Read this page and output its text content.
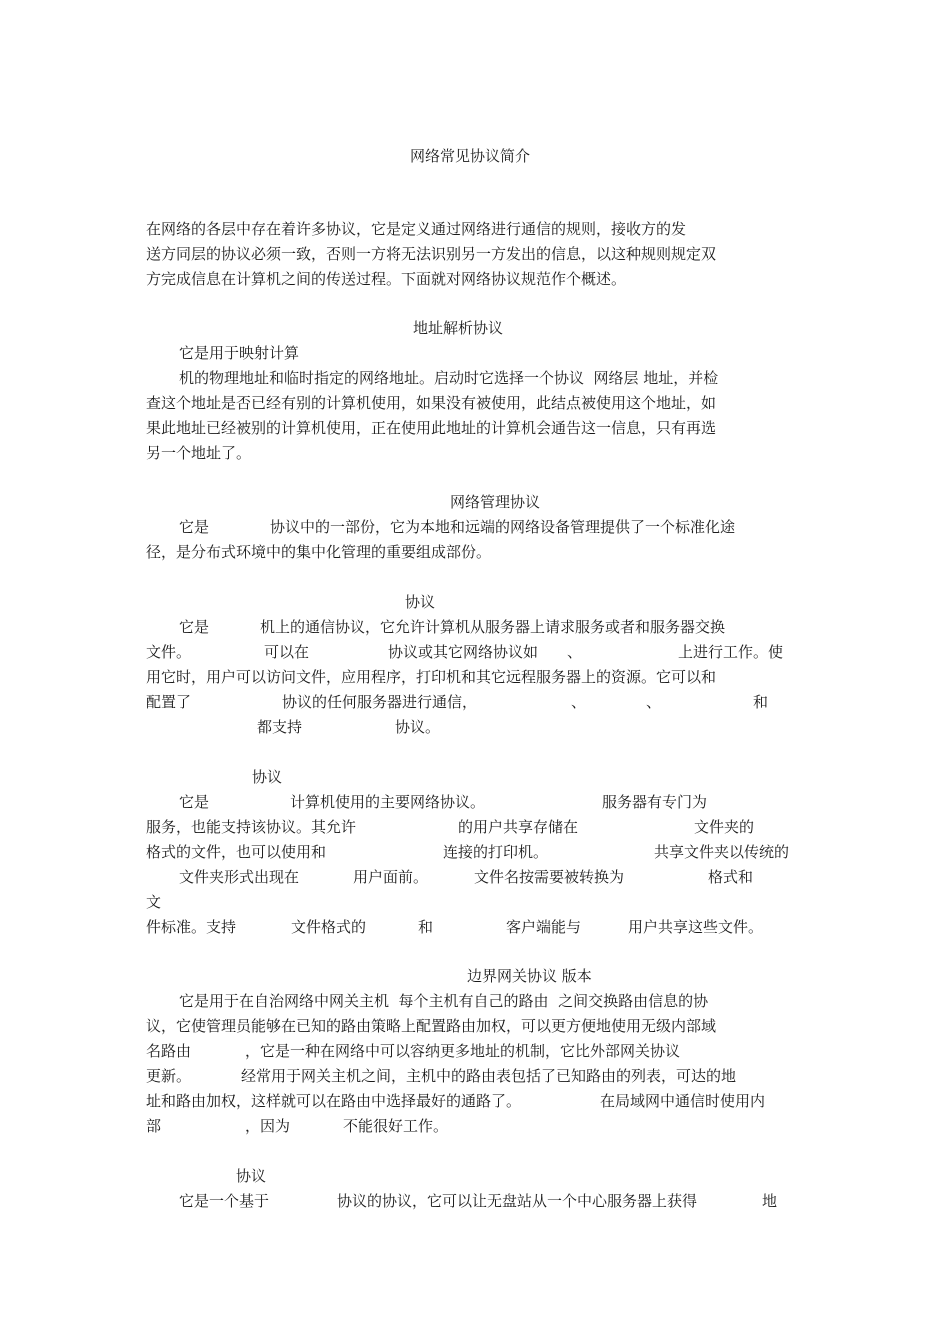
网络常见协议简介
在网络的各层中存在着许多协议，它是定义通过网络进行通信的规则，接收方的发
送方同层的协议必须一致，否则一方将无法识别另一方发出的信息，以这种规则规定双
方完成信息在计算机之间的传送过程。下面就对网络协议规范作个概述。
地址解析协议
它是用于映射计算
机的物理地址和临时指定的网络地址。启动时它选择一个协议  网络层 地址，并检
查这个地址是否已经有别的计算机使用，如果没有被使用，此结点被使用这个地址，如
果此地址已经被别的计算机使用，正在使用此地址的计算机会通告这一信息，只有再选
另一个地址了。
网络管理协议
它是	协议中的一部份，它为本地和远端的网络设备管理提供了一个标准化途
径，是分布式环境中的集中化管理的重要组成部份。
协议
它是	机上的通信协议，它允许计算机从服务器上请求服务或者和服务器交换
文件。	可以在	协议或其它网络协议如 、	上进行工作。使
用它时，用户可以访问文件，应用程序，打印机和其它远程服务器上的资源。它可以和
配置了	协议的任何服务器进行通信，	、	、	和
都支持	协议。
协议
它是	计算机使用的主要网络协议。	服务器有专门为
服务，也能支持该协议。其允许	的用户共享存储在	文件夹的
格式的文件，也可以使用和	连接的打印机。	共享文件夹以传统的
文件夹形式出现在	用户面前。	文件名按需要被转换为	格式和
文
件标准。支持	文件格式的	和	客户端能与	用户共享这些文件。
边界网关协议 版本
它是用于在自治网络中网关主机  每个主机有自己的路由  之间交换路由信息的协
议，它使管理员能够在已知的路由策略上配置路由加权，可以更方便地使用无级内部域
名路由	，它是一种在网络中可以容纳更多地址的机制，它比外部网关协议
更新。	经常用于网关主机之间，主机中的路由表包括了已知路由的列表，可达的地
址和路由加权，这样就可以在路由中选择最好的通路了。	在局域网中通信时使用内
部	，因为	不能很好工作。
协议
它是一个基于	协议的协议，它可以让无盘站从一个中心服务器上获得	地
